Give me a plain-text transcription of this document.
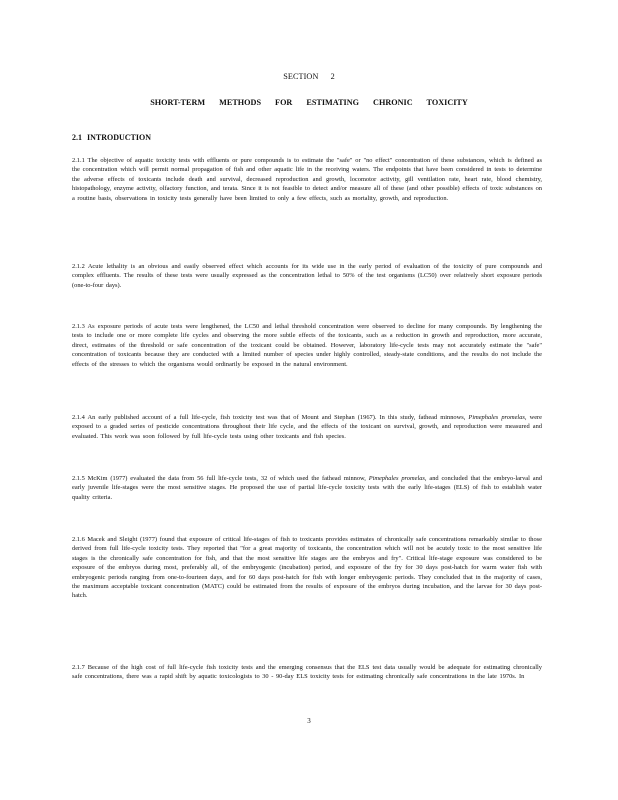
SECTION 2
SHORT-TERM METHODS FOR ESTIMATING CHRONIC TOXICITY
2.1 INTRODUCTION

2.1.1 The objective of aquatic toxicity tests with effluents or pure compounds is to estimate the "safe" or "no effect" concentration of these substances, which is defined as the concentration which will permit normal propagation of fish and other aquatic life in the receiving waters. The endpoints that have been considered in tests to determine the adverse effects of toxicants include death and survival, decreased reproduction and growth, locomotor activity, gill ventilation rate, heart rate, blood chemistry, histopathology, enzyme activity, olfactory function, and terata. Since it is not feasible to detect and/or measure all of these (and other possible) effects of toxic substances on a routine basis, observations in toxicity tests generally have been limited to only a few effects, such as mortality, growth, and reproduction.

2.1.2 Acute lethality is an obvious and easily observed effect which accounts for its wide use in the early period of evaluation of the toxicity of pure compounds and complex effluents. The results of these tests were usually expressed as the concentration lethal to 50% of the test organisms (LC50) over relatively short exposure periods (one-to-four days).

2.1.3 As exposure periods of acute tests were lengthened, the LC50 and lethal threshold concentration were observed to decline for many compounds. By lengthening the tests to include one or more complete life cycles and observing the more subtle effects of the toxicants, such as a reduction in growth and reproduction, more accurate, direct, estimates of the threshold or safe concentration of the toxicant could be obtained. However, laboratory life-cycle tests may not accurately estimate the "safe" concentration of toxicants because they are conducted with a limited number of species under highly controlled, steady-state conditions, and the results do not include the effects of the stresses to which the organisms would ordinarily be exposed in the natural environment.

2.1.4 An early published account of a full life-cycle, fish toxicity test was that of Mount and Stephan (1967). In this study, fathead minnows, Pimephales promelas, were exposed to a graded series of pesticide concentrations throughout their life cycle, and the effects of the toxicant on survival, growth, and reproduction were measured and evaluated. This work was soon followed by full life-cycle tests using other toxicants and fish species.

2.1.5 McKim (1977) evaluated the data from 56 full life-cycle tests, 32 of which used the fathead minnow, Pimephales promelas, and concluded that the embryo-larval and early juvenile life-stages were the most sensitive stages. He proposed the use of partial life-cycle toxicity tests with the early life-stages (ELS) of fish to establish water quality criteria.

2.1.6 Macek and Sleight (1977) found that exposure of critical life-stages of fish to toxicants provides estimates of chronically safe concentrations remarkably similar to those derived from full life-cycle toxicity tests. They reported that "for a great majority of toxicants, the concentration which will not be acutely toxic to the most sensitive life stages is the chronically safe concentration for fish, and that the most sensitive life stages are the embryos and fry". Critical life-stage exposure was considered to be exposure of the embryos during most, preferably all, of the embryogenic (incubation) period, and exposure of the fry for 30 days post-hatch for warm water fish with embryogenic periods ranging from one-to-fourteen days, and for 60 days post-hatch for fish with longer embryogenic periods. They concluded that in the majority of cases, the maximum acceptable toxicant concentration (MATC) could be estimated from the results of exposure of the embryos during incubation, and the larvae for 30 days post-hatch.

2.1.7 Because of the high cost of full life-cycle fish toxicity tests and the emerging consensus that the ELS test data usually would be adequate for estimating chronically safe concentrations, there was a rapid shift by aquatic toxicologists to 30 - 90-day ELS toxicity tests for estimating chronically safe concentrations in the late 1970s. In

3
